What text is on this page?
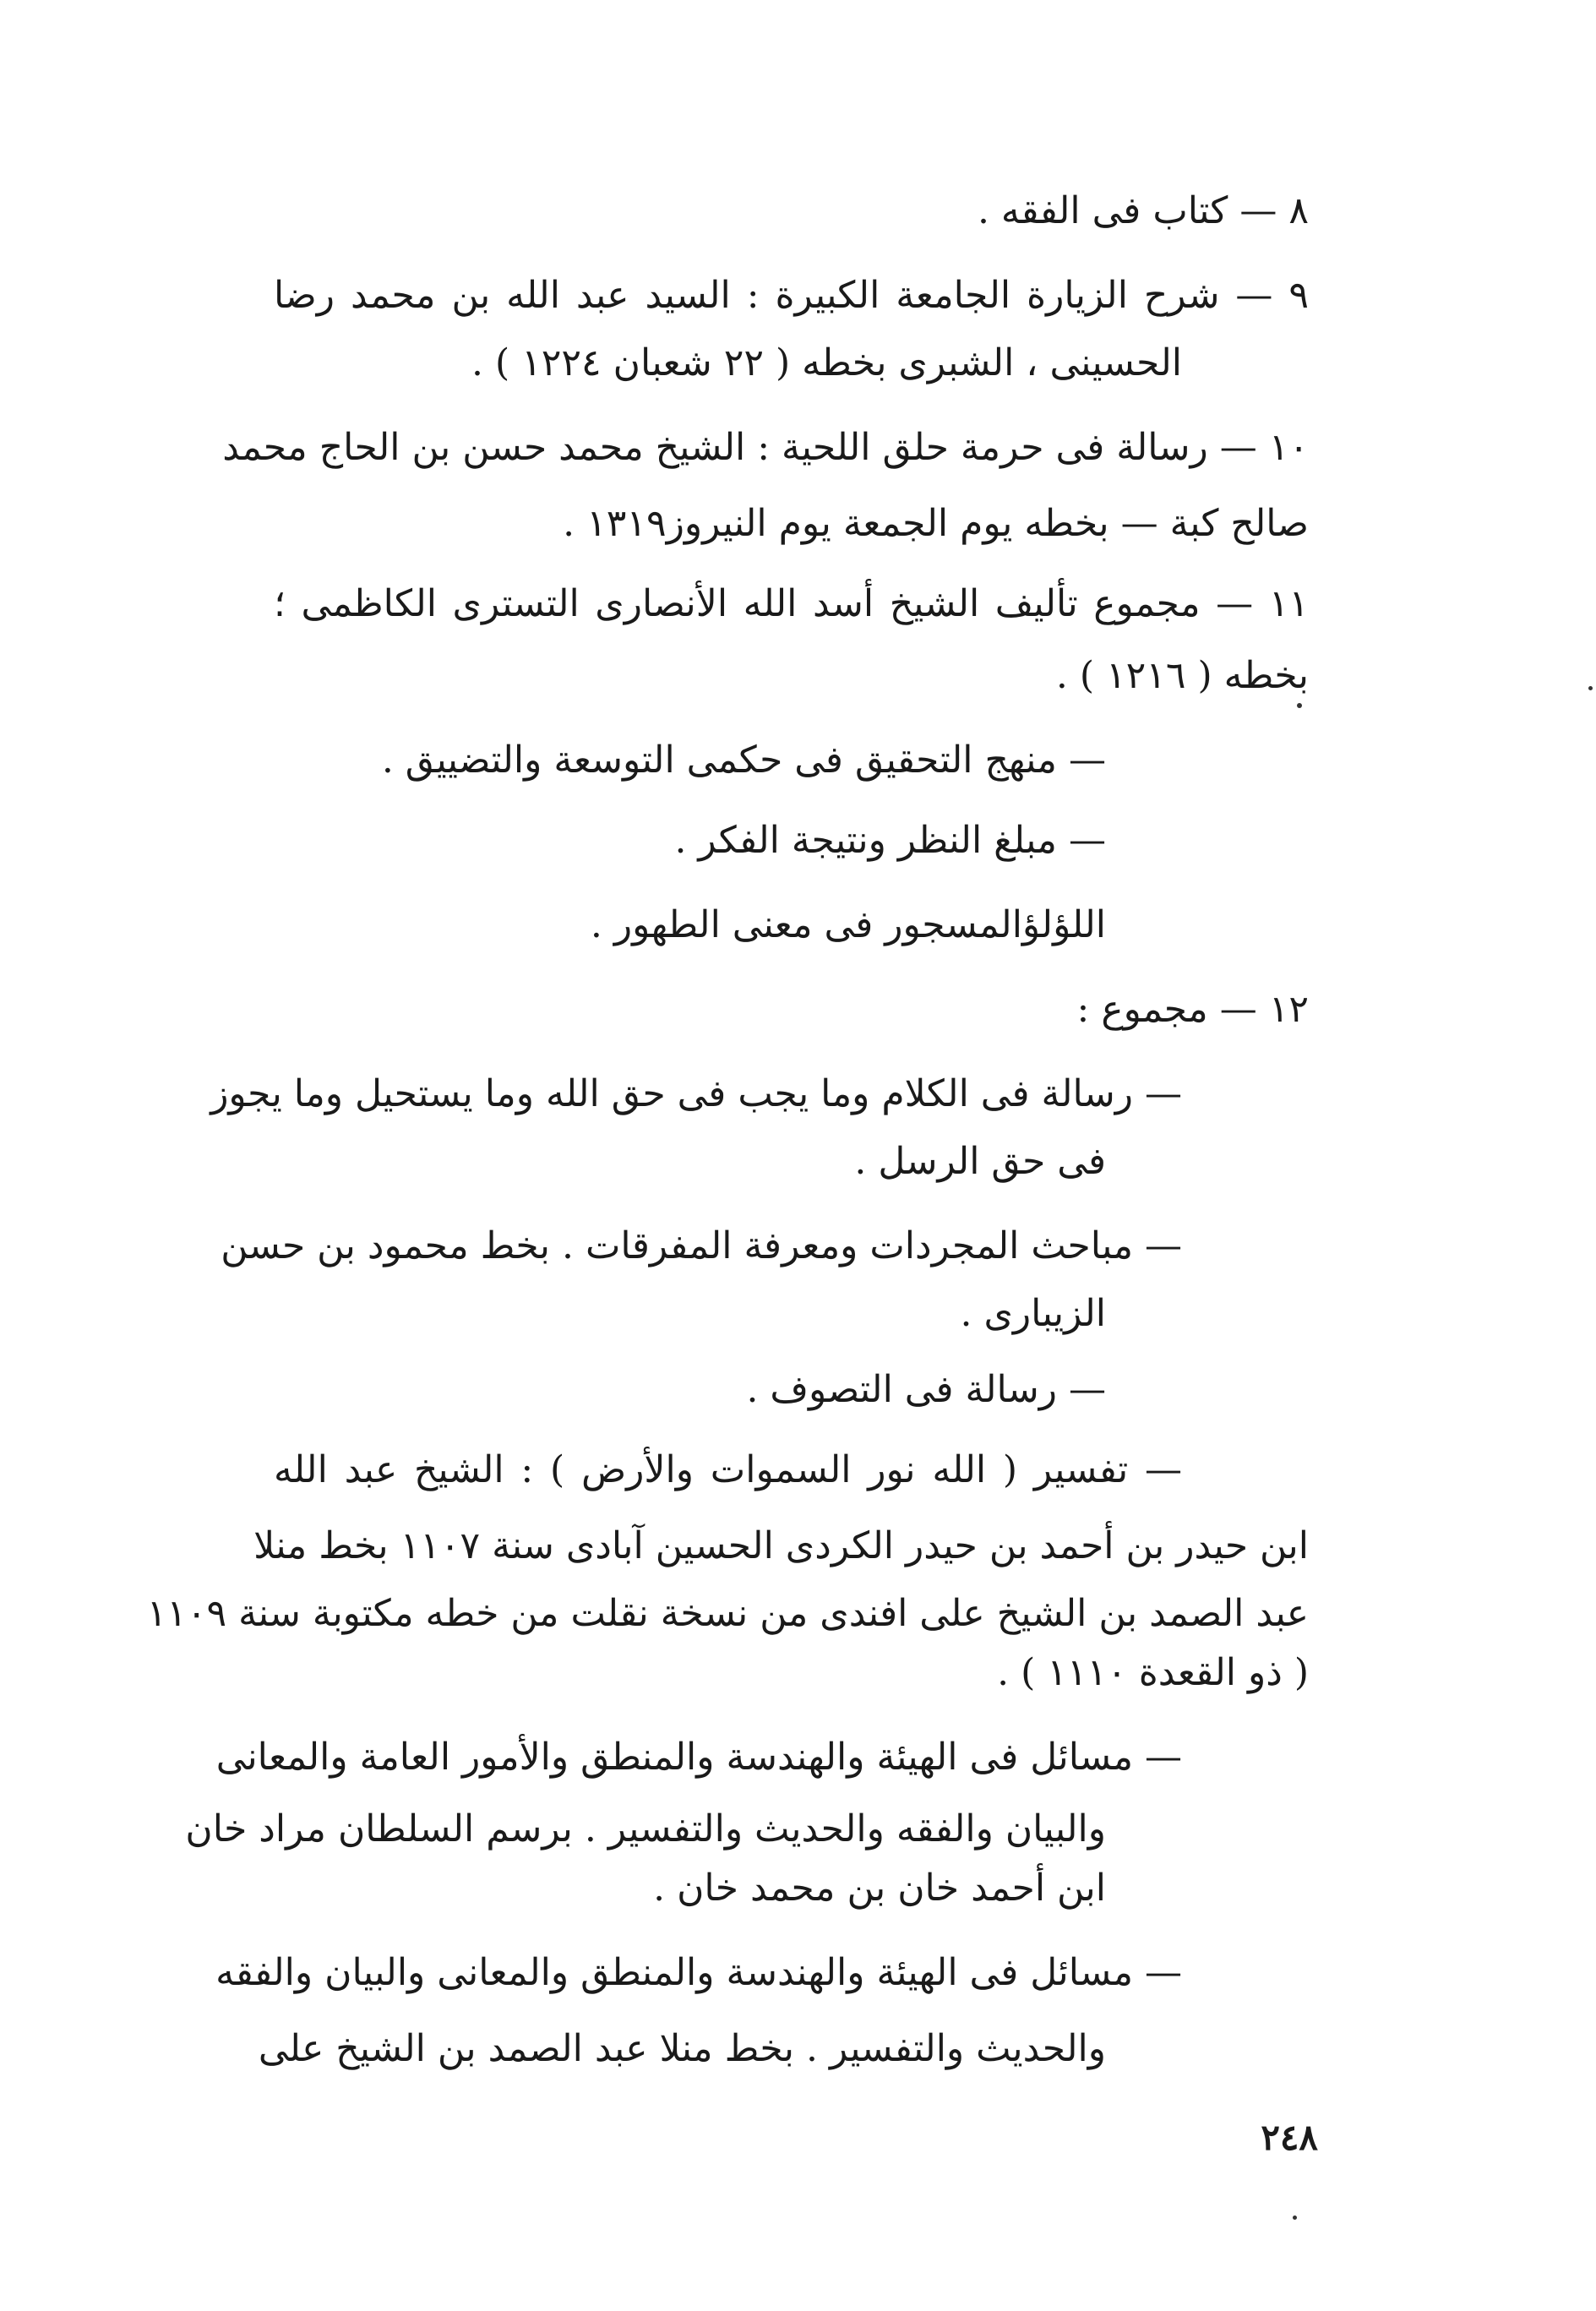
٨ — كتاب فى الفقه .
٩ — شرح الزيارة الجامعة الكبيرة : السيد عبد الله بن محمد رضا
الحسينى ، الشبرى بخطه ( ٢٢ شعبان ١٢٢٤ ) .
١٠ — رسالة فى حرمة حلق اللحية : الشيخ محمد حسن بن الحاج محمد
صالح كبة — بخطه يوم الجمعة يوم النيروز١٣١٩ .
١١ — مجموع تأليف الشيخ أسد الله الأنصارى التسترى الكاظمى ؛
بخطه ( ١٢١٦ ) .
— منهج التحقيق فى حكمى التوسعة والتضييق .
— مبلغ النظر ونتيجة الفكر .
اللؤلؤالمسجور فى معنى الطهور .
١٢ — مجموع :
— رسالة فى الكلام وما يجب فى حق الله وما يستحيل وما يجوز
فى حق الرسل .
— مباحث المجردات ومعرفة المفرقات . بخط محمود بن حسن
الزيبارى .
— رسالة فى التصوف .
— تفسير ( الله نور السموات والأرض ) : الشيخ عبد الله
ابن حيدر بن أحمد بن حيدر الكردى الحسين آبادى سنة ١١٠٧ بخط منلا
عبد الصمد بن الشيخ على افندى من نسخة نقلت من خطه مكتوبة سنة ١١٠٩
( ذو القعدة ١١١٠ ) .
— مسائل فى الهيئة والهندسة والمنطق والأمور العامة والمعانى
والبيان والفقه والحديث والتفسير . برسم السلطان مراد خان
ابن أحمد خان بن محمد خان .
— مسائل فى الهيئة والهندسة والمنطق والمعانى والبيان والفقه
والحديث والتفسير . بخط منلا عبد الصمد بن الشيخ على
٢٤٨
